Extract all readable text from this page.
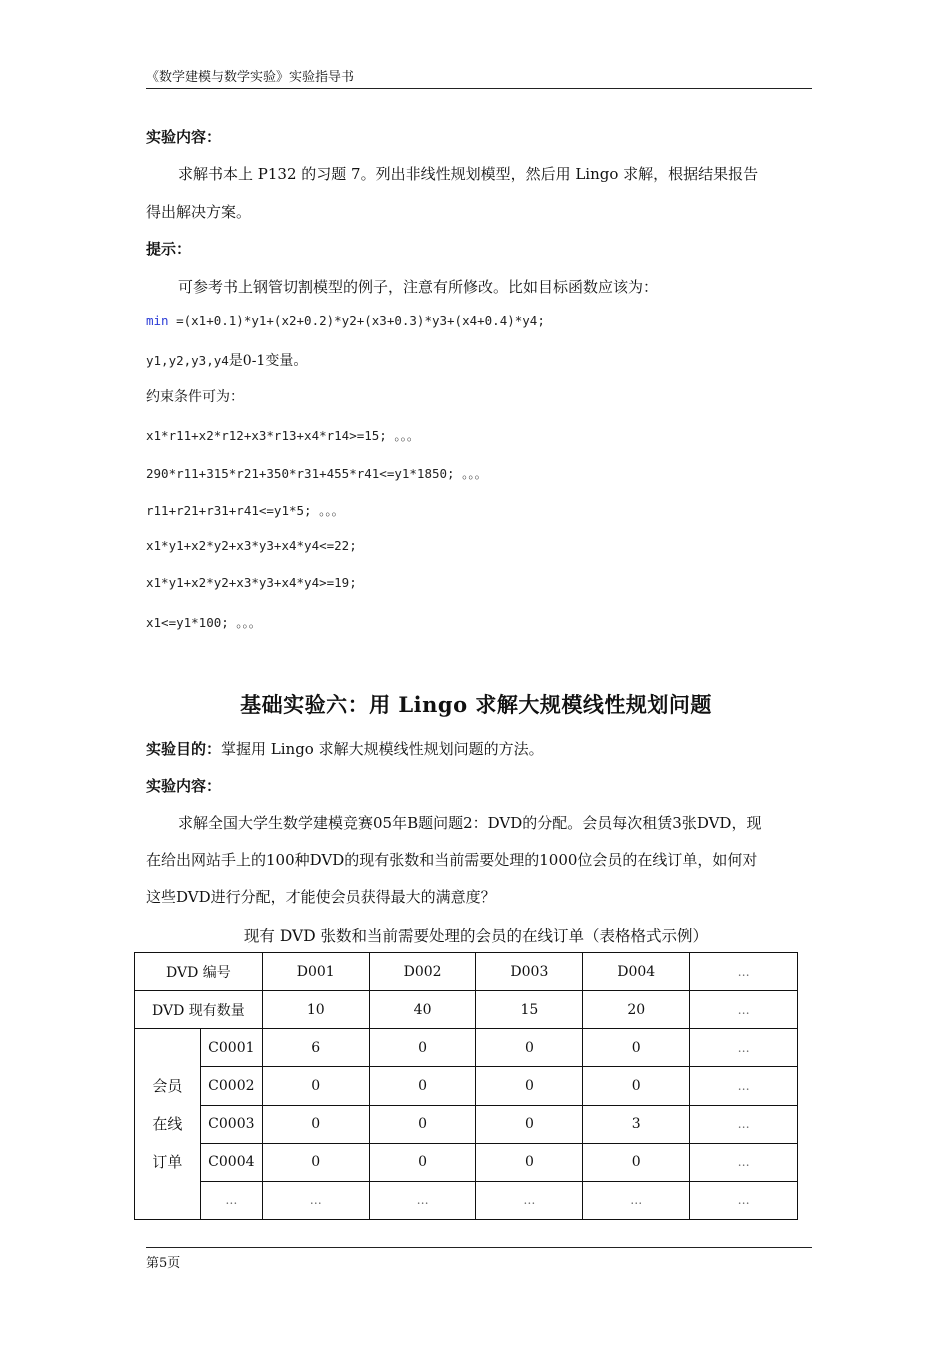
《数学建模与数学实验》实验指导书
实验内容：
求解书本上 P132 的习题 7。列出非线性规划模型，然后用 Lingo 求解，根据结果报告
得出解决方案。
提示：
可参考书上钢管切割模型的例子，注意有所修改。比如目标函数应该为：
min =(x1+0.1)*y1+(x2+0.2)*y2+(x3+0.3)*y3+(x4+0.4)*y4;
y1,y2,y3,y4是0-1变量。
约束条件可为：
x1*r11+x2*r12+x3*r13+x4*r14>=15; 。。。
290*r11+315*r21+350*r31+455*r41<=y1*1850; 。。。
r11+r21+r31+r41<=y1*5; 。。。
x1*y1+x2*y2+x3*y3+x4*y4<=22;
x1*y1+x2*y2+x3*y3+x4*y4>=19;
x1<=y1*100; 。。。
基础实验六：用 Lingo 求解大规模线性规划问题
实验目的：掌握用 Lingo 求解大规模线性规划问题的方法。
实验内容：
求解全国大学生数学建模竞赛05年B题问题2：DVD的分配。会员每次租赁3张DVD，现
在给出网站手上的100种DVD的现有张数和当前需要处理的1000位会员的在线订单，如何对
这些DVD进行分配，才能使会员获得最大的满意度？
现有 DVD 张数和当前需要处理的会员的在线订单（表格格式示例）
DVD 编号		D001	D002	D003	D004	…
DVD 现有数量		10	40	15	20	…

会员
在线
订单	C0001	6	0	0	0	…
	C0002	0	0	0	0	…
	C0003	0	0	0	3	…
	C0004	0	0	0	0	…
	…	…	…	…	…	…
第5页
